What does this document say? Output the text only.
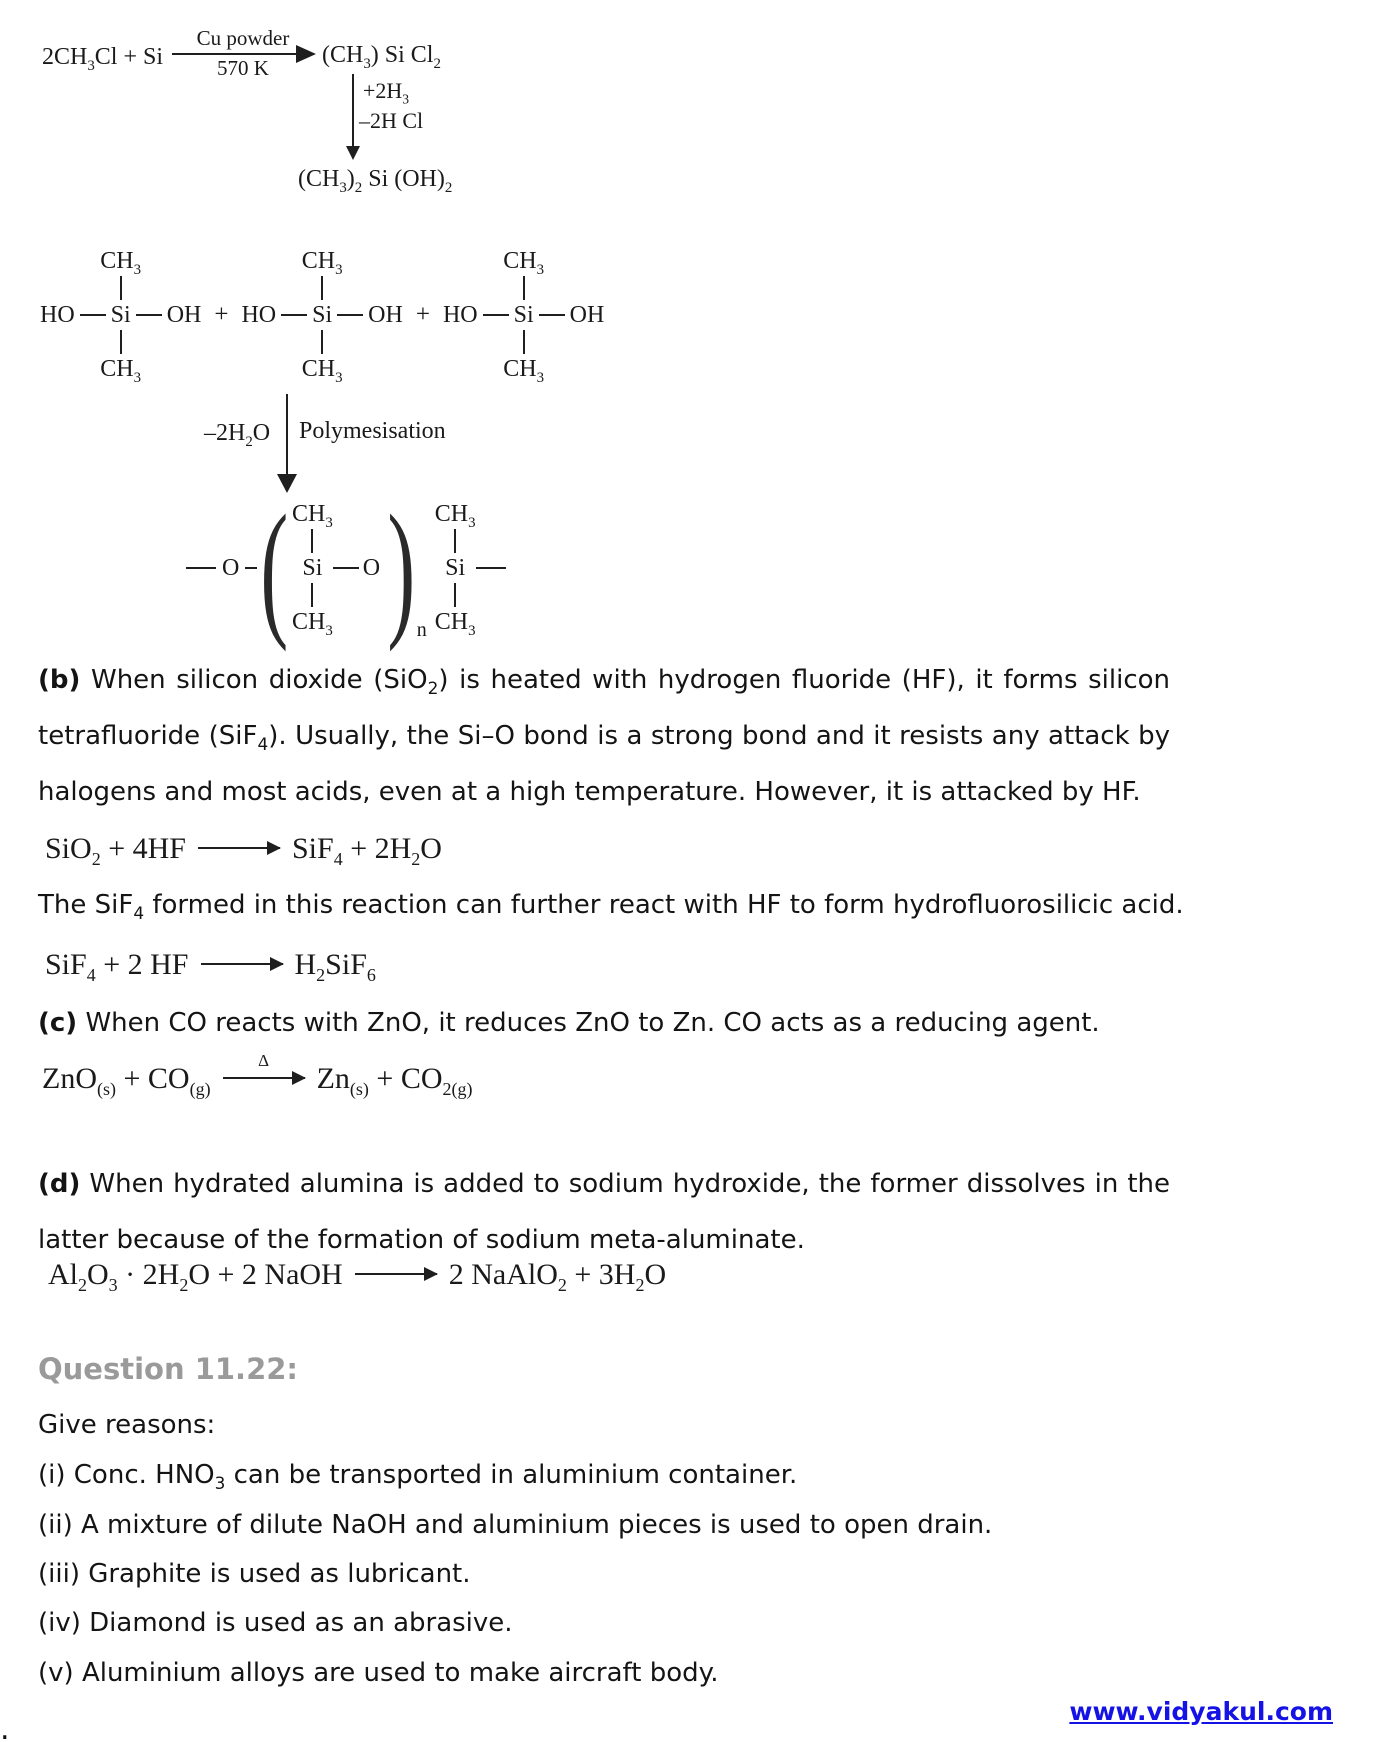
$2CH_3Cl + Si$
Cu powder
570 K $(CH_3)$ Si $Cl_2$
$+2H_3$
–2H Cl
$(CH_3)_2$ Si $(OH)_2$
$CH_3$
HO Si OH
$CH_3$
+
$CH_3$
HO Si OH
$CH_3$
+
$CH_3$
HO Si OH
$CH_3$
$-2H_2O$ Polymesisation
O ( $CH_3$
Si
$CH_3$
O ) n
$CH_3$
Si
$CH_3$
(b) When silicon dioxide (SiO$_2$) is heated with hydrogen fluoride (HF), it forms silicon tetrafluoride (SiF$_4$). Usually, the Si–O bond is a strong bond and it resists any attack by halogens and most acids, even at a high temperature. However, it is attacked by HF.
$SiO_2 + 4HF \to SiF_4 + 2H_2O$
The SiF$_4$ formed in this reaction can further react with HF to form hydrofluorosilicic acid.
SiF$_4$ + 2 HF → $H_2SiF_6$
(c) When CO reacts with ZnO, it reduces ZnO to Zn. CO acts as a reducing agent.
$ZnO_{(s)} + CO_{(g)}$
Δ
$Zn_{(s)} + CO_{2(g)}$
(d) When hydrated alumina is added to sodium hydroxide, the former dissolves in the latter because of the formation of sodium meta-aluminate.
$Al_2O_3 \cdot 2H_2O + 2$ NaOH → 2 NaAlO$_2$ + $3H_2O$
Question 11.22:
Give reasons:
(i) Conc. $HNO_3$ can be transported in aluminium container.
(ii) A mixture of dilute NaOH and aluminium pieces is used to open drain.
(iii) Graphite is used as lubricant.
(iv) Diamond is used as an abrasive.
(v) Aluminium alloys are used to make aircraft body.
www.vidyakul.com
.
